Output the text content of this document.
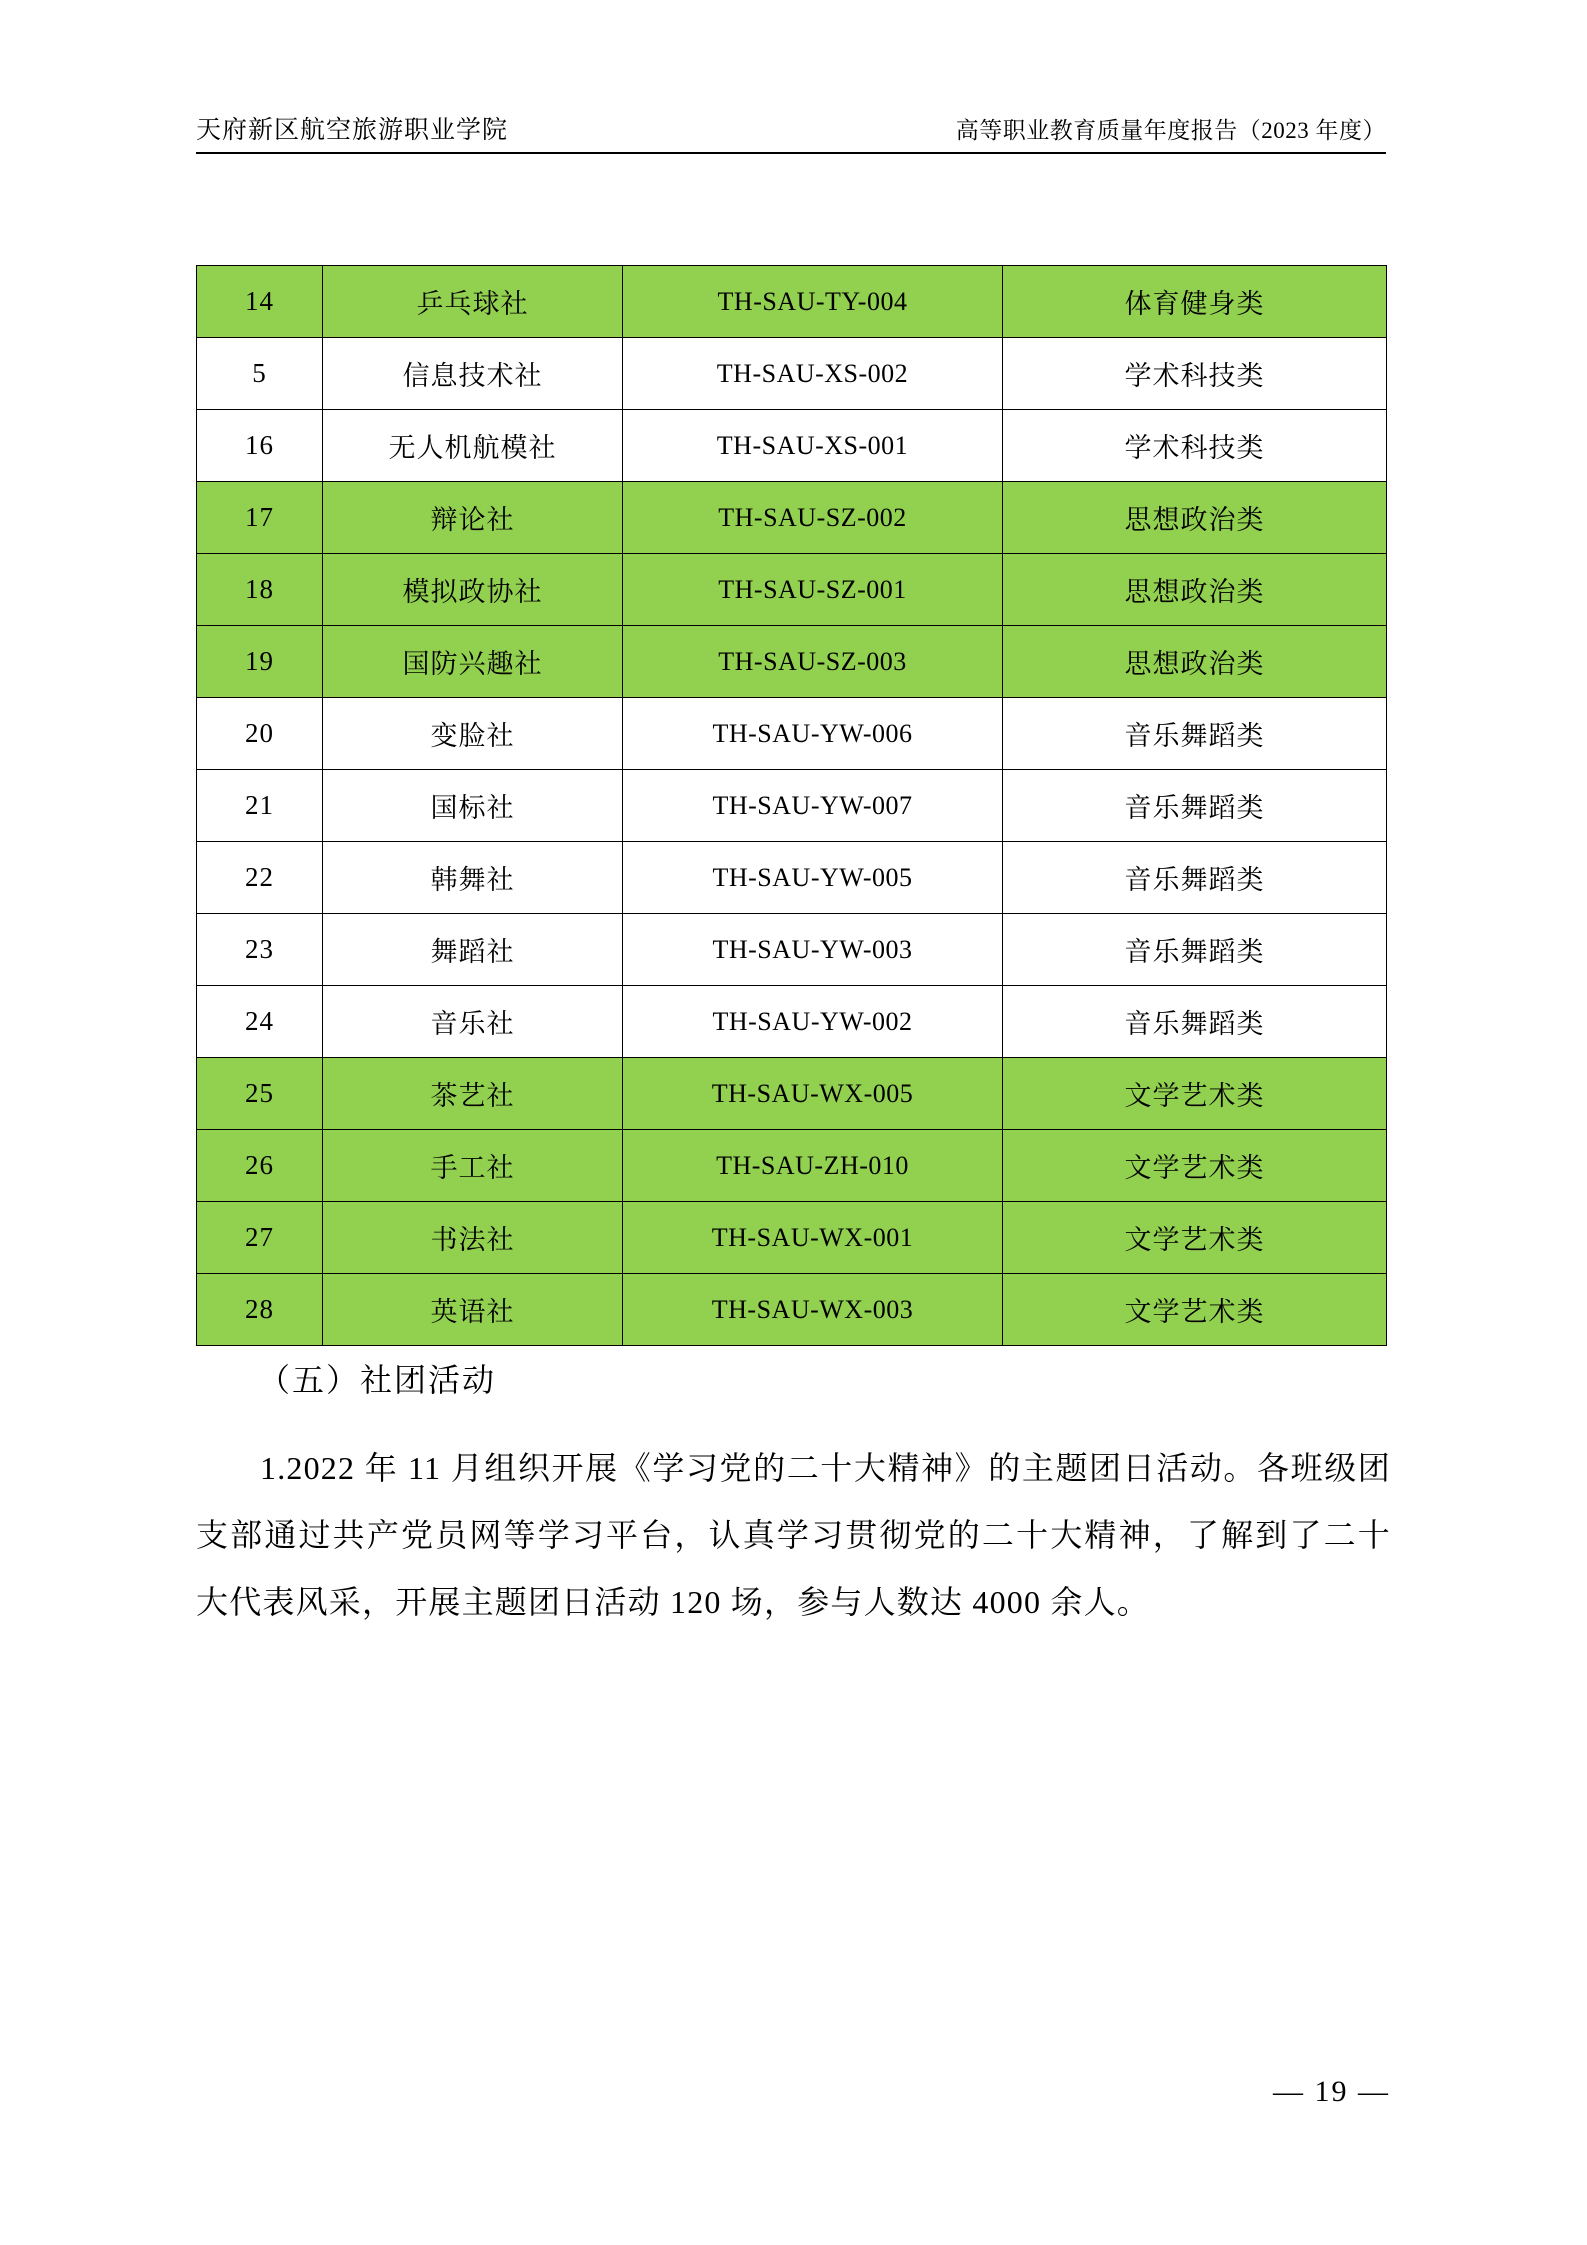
天府新区航空旅游职业学院	高等职业教育质量年度报告（2023 年度）
14	乒乓球社	TH-SAU-TY-004	体育健身类
5	信息技术社	TH-SAU-XS-002	学术科技类
16	无人机航模社	TH-SAU-XS-001	学术科技类
17	辩论社	TH-SAU-SZ-002	思想政治类
18	模拟政协社	TH-SAU-SZ-001	思想政治类
19	国防兴趣社	TH-SAU-SZ-003	思想政治类
20	变脸社	TH-SAU-YW-006	音乐舞蹈类
21	国标社	TH-SAU-YW-007	音乐舞蹈类
22	韩舞社	TH-SAU-YW-005	音乐舞蹈类
23	舞蹈社	TH-SAU-YW-003	音乐舞蹈类
24	音乐社	TH-SAU-YW-002	音乐舞蹈类
25	茶艺社	TH-SAU-WX-005	文学艺术类
26	手工社	TH-SAU-ZH-010	文学艺术类
27	书法社	TH-SAU-WX-001	文学艺术类
28	英语社	TH-SAU-WX-003	文学艺术类
（五）社团活动
1.2022 年 11 月组织开展《学习党的二十大精神》的主题团日活动。各班级团支部通过共产党员网等学习平台，认真学习贯彻党的二十大精神，了解到了二十大代表风采，开展主题团日活动 120 场，参与人数达 4000 余人。
— 19 —
